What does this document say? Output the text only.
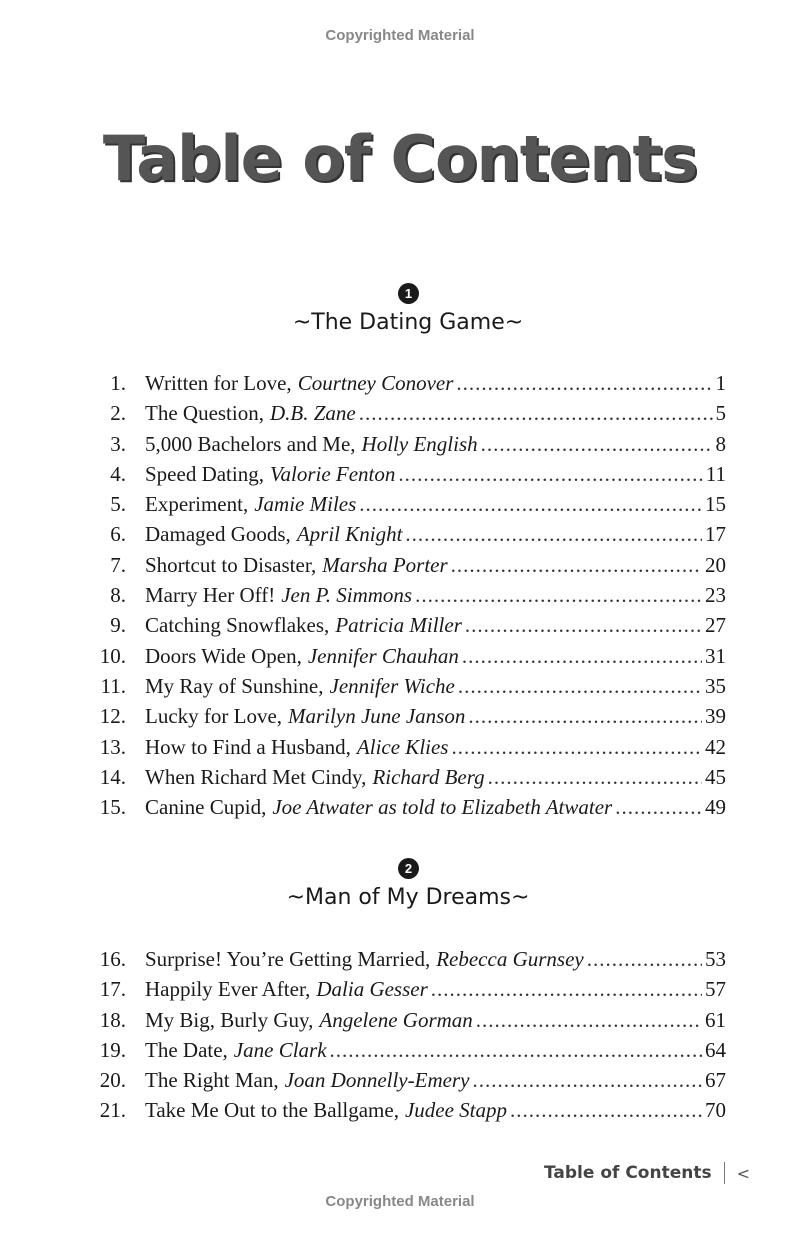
Copyrighted Material
Table of Contents
1
~The Dating Game~
1. Written for Love, Courtney Conover .....	1
2. The Question, D.B. Zane .....	5
3. 5,000 Bachelors and Me, Holly English .....	8
4. Speed Dating, Valorie Fenton .....	11
5. Experiment, Jamie Miles .....	15
6. Damaged Goods, April Knight .....	17
7. Shortcut to Disaster, Marsha Porter .....	20
8. Marry Her Off! Jen P. Simmons .....	23
9. Catching Snowflakes, Patricia Miller .....	27
10. Doors Wide Open, Jennifer Chauhan .....	31
11. My Ray of Sunshine, Jennifer Wiche .....	35
12. Lucky for Love, Marilyn June Janson .....	39
13. How to Find a Husband, Alice Klies .....	42
14. When Richard Met Cindy, Richard Berg .....	45
15. Canine Cupid, Joe Atwater as told to Elizabeth Atwater .....	49
2
~Man of My Dreams~
16. Surprise! You’re Getting Married, Rebecca Gurnsey .....	53
17. Happily Ever After, Dalia Gesser .....	57
18. My Big, Burly Guy, Angelene Gorman .....	61
19. The Date, Jane Clark .....	64
20. The Right Man, Joan Donnelly-Emery .....	67
21. Take Me Out to the Ballgame, Judee Stapp .....	70
Table of Contents <
Copyrighted Material
